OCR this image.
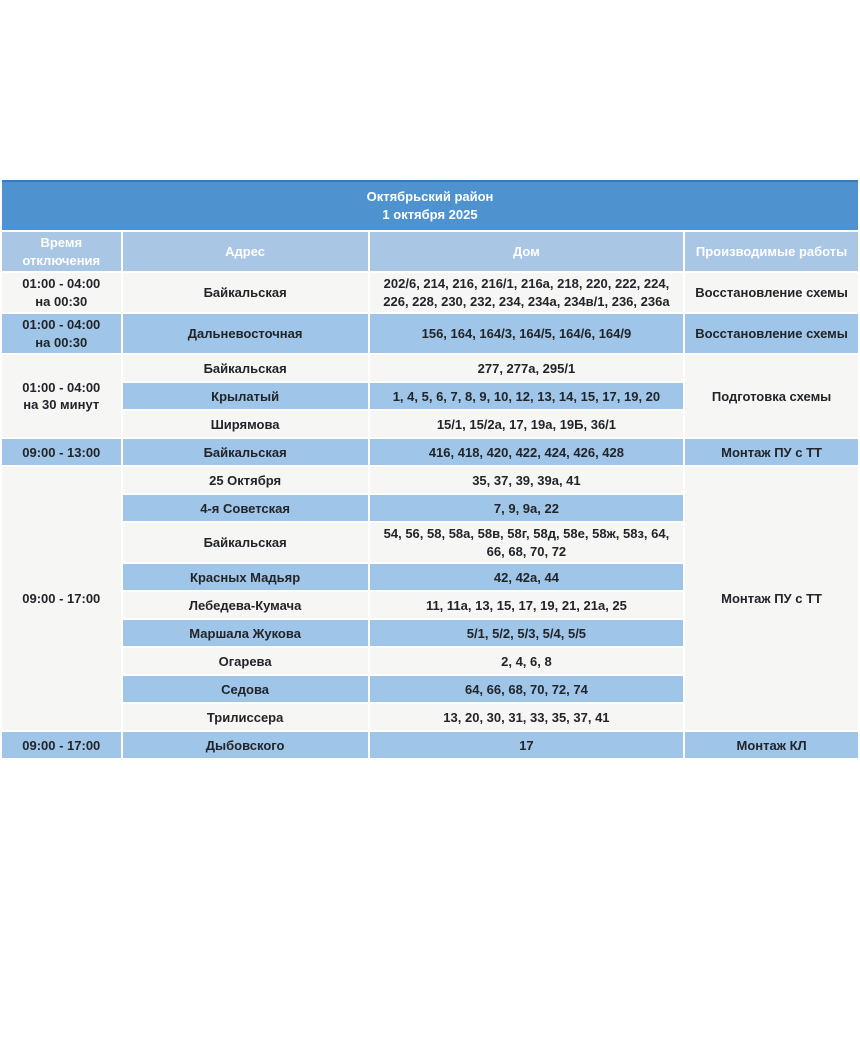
Октябрьский район
1 октября 2025			

Время отключения	Адрес	Дом	Производимые работы
01:00 - 04:00
на 00:30	Байкальская	202/6, 214, 216, 216/1, 216а, 218, 220, 222, 224, 226, 228, 230, 232, 234, 234а, 234в/1, 236, 236а	Восстановление схемы
01:00 - 04:00
на 00:30	Дальневосточная	156, 164, 164/3, 164/5, 164/6, 164/9	Восстановление схемы
01:00 - 04:00
на 30 минут	Байкальская	277, 277а, 295/1	Подготовка схемы
	Крылатый	1, 4, 5, 6, 7, 8, 9, 10, 12, 13, 14, 15, 17, 19, 20	
	Ширямова	15/1, 15/2а, 17, 19а, 19Б, 36/1	
09:00 - 13:00	Байкальская	416, 418, 420, 422, 424, 426, 428	Монтаж ПУ с ТТ
09:00 - 17:00	25 Октября	35, 37, 39, 39а, 41	Монтаж ПУ с ТТ
	4-я Советская	7, 9, 9а, 22	
	Байкальская	54, 56, 58, 58а, 58в, 58г, 58д, 58е, 58ж, 58з, 64, 66, 68, 70, 72	
	Красных Мадьяр	42, 42а, 44	
	Лебедева-Кумача	11, 11а, 13, 15, 17, 19, 21, 21а, 25	
	Маршала Жукова	5/1, 5/2, 5/3, 5/4, 5/5	
	Огарева	2, 4, 6, 8	
	Седова	64, 66, 68, 70, 72, 74	
	Трилиссера	13, 20, 30, 31, 33, 35, 37, 41	
09:00 - 17:00	Дыбовского	17	Монтаж КЛ
